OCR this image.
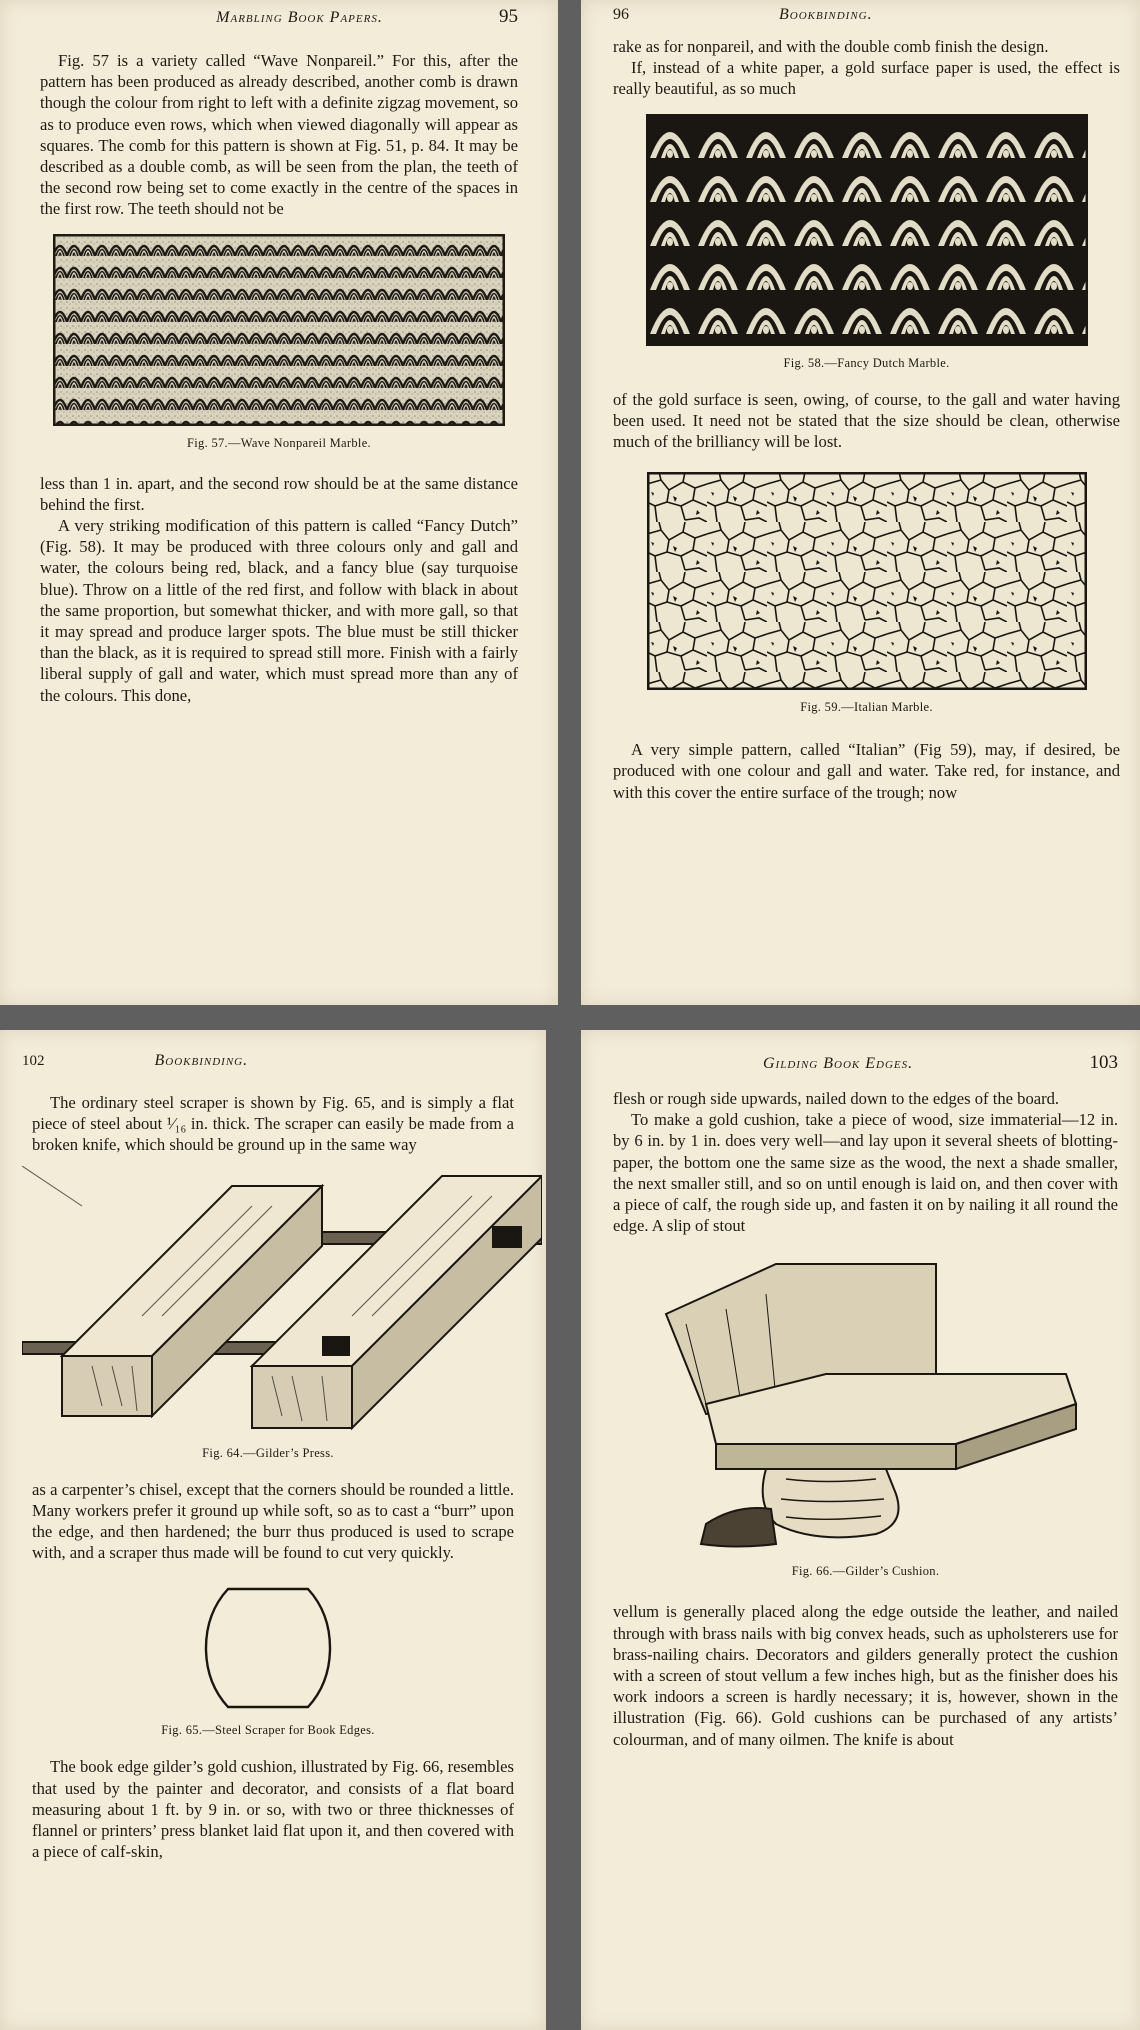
Marbling Book Papers.	95

Fig. 57 is a variety called “Wave Nonpareil.” For this, after the pattern has been produced as already described, another comb is drawn though the colour from right to left with a definite zigzag movement, so as to produce even rows, which when viewed diagonally will appear as squares. The comb for this pattern is shown at Fig. 51, p. 84. It may be described as a double comb, as will be seen from the plan, the teeth of the second row being set to come exactly in the centre of the spaces in the first row. The teeth should not be

Fig. 57.—Wave Nonpareil Marble.

less than 1 in. apart, and the second row should be at the same distance behind the first.

A very striking modification of this pattern is called “Fancy Dutch” (Fig. 58). It may be produced with three colours only and gall and water, the colours being red, black, and a fancy blue (say turquoise blue). Throw on a little of the red first, and follow with black in about the same proportion, but somewhat thicker, and with more gall, so that it may spread and produce larger spots. The blue must be still thicker than the black, as it is required to spread still more. Finish with a fairly liberal supply of gall and water, which must spread more than any of the colours. This done,

96	Bookbinding.

rake as for nonpareil, and with the double comb finish the design.

If, instead of a white paper, a gold surface paper is used, the effect is really beautiful, as so much

Fig. 58.—Fancy Dutch Marble.

of the gold surface is seen, owing, of course, to the gall and water having been used. It need not be stated that the size should be clean, otherwise much of the brilliancy will be lost.

Fig. 59.—Italian Marble.

A very simple pattern, called “Italian” (Fig 59), may, if desired, be produced with one colour and gall and water. Take red, for instance, and with this cover the entire surface of the trough; now

102	Bookbinding.

The ordinary steel scraper is shown by Fig. 65, and is simply a flat piece of steel about ¹⁄₁₆ in. thick. The scraper can easily be made from a broken knife, which should be ground up in the same way

Fig. 64.—Gilder’s Press.

as a carpenter’s chisel, except that the corners should be rounded a little. Many workers prefer it ground up while soft, so as to cast a “burr” upon the edge, and then hardened; the burr thus produced is used to scrape with, and a scraper thus made will be found to cut very quickly.

Fig. 65.—Steel Scraper for Book Edges.

The book edge gilder’s gold cushion, illustrated by Fig. 66, resembles that used by the painter and decorator, and consists of a flat board measuring about 1 ft. by 9 in. or so, with two or three thicknesses of flannel or printers’ press blanket laid flat upon it, and then covered with a piece of calf-skin,

Gilding Book Edges.	103

flesh or rough side upwards, nailed down to the edges of the board.

To make a gold cushion, take a piece of wood, size immaterial—12 in. by 6 in. by 1 in. does very well—and lay upon it several sheets of blotting-paper, the bottom one the same size as the wood, the next a shade smaller, the next smaller still, and so on until enough is laid on, and then cover with a piece of calf, the rough side up, and fasten it on by nailing it all round the edge. A slip of stout

Fig. 66.—Gilder’s Cushion.

vellum is generally placed along the edge outside the leather, and nailed through with brass nails with big convex heads, such as upholsterers use for brass-nailing chairs. Decorators and gilders generally protect the cushion with a screen of stout vellum a few inches high, but as the finisher does his work indoors a screen is hardly necessary; it is, however, shown in the illustration (Fig. 66). Gold cushions can be purchased of any artists’ colourman, and of many oilmen. The knife is about
